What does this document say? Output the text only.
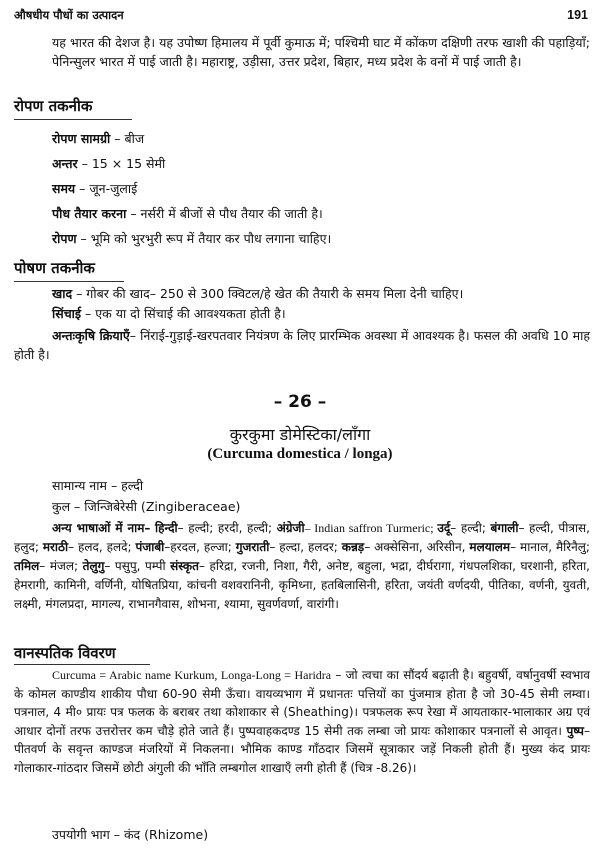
औषधीय पौधों का उत्पादन	191
यह भारत की देशज है। यह उपोष्ण हिमालय में पूर्वी कुमाऊ में; पश्चिमी घाट में कोंकण दक्षिणी तरफ खाशी की पहाड़ियाँ; पेनिन्सुलर भारत में पाई जाती है। महाराष्ट्र, उड़ीसा, उत्तर प्रदेश, बिहार, मध्य प्रदेश के वनों में पाई जाती है।
रोपण तकनीक
रोपण सामग्री – बीज
अन्तर – 15 × 15 सेमी
समय – जून-जुलाई
पौध तैयार करना – नर्सरी में बीजों से पौध तैयार की जाती है।
रोपण – भूमि को भुरभुरी रूप में तैयार कर पौध लगाना चाहिए।
पोषण तकनीक
खाद – गोबर की खाद– 250 से 300 क्विटल/हे खेत की तैयारी के समय मिला देनी चाहिए।
सिंचाई – एक या दो सिंचाई की आवश्यकता होती है।
अन्तःकृषि क्रियाएँ– निंराई-गुड़ाई-खरपतवार नियंत्रण के लिए प्रारम्भिक अवस्था में आवश्यक है। फसल की अवधि 10 माह होती है।
– 26 –
कुरकुमा डोमेस्टिका/लाँगा
(Curcuma domestica / longa)
सामान्य नाम – हल्दी
कुल – जिन्जिबेरेसी (Zingiberaceae)
अन्य भाषाओं में नाम– हिन्दी– हल्दी; हरदी, हल्दी; अंग्रेजी– Indian saffron Turmeric; उर्दू– हल्दी; बंगाली– हल्दी, पीत्रास, हलुद; मराठी– हलद, हलदे; पंजाबी–हरदल, हल्जा; गुजराती– हल्दा, हलदर; कन्नड़– अक्सेसिना, अरिसीन, मलयालम– मानाल, मैरिनैलु; तमिल– मंजल; तेलुगु– पसुपु, पम्पी संस्कृत– हरिद्रा, रजनी, निशा, गैरी, अनेष्ट, बहुला, भद्रा, दीर्घरागा, गंधपलशिका, घरशानी, हरिता, हेमरागी, कामिनी, वर्णिनी, योषितप्रिया, कांचनी वशवरानिनी, कृमिध्ना, हतबिलासिनी, हरिता, जयंती वर्णदयी, पीतिका, वर्णनी, युवती, लक्ष्मी, मंगलप्रदा, मागल्य, राभानगैवास, शोभना, श्यामा, सुवर्णवर्णा, वारांगी।
वानस्पतिक विवरण
Curcuma = Arabic name Kurkum, Longa-Long = Haridra – जो त्वचा का सौंदर्य बढ़ाती है। बहुवर्षी, वर्षानुवर्षी स्वभाव के कोमल काण्डीय शाकीय पौधा 60-90 सेमी ऊँचा। वायव्यभाग में प्रधानतः पत्तियों का पुंजमात्र होता है जो 30-45 सेमी लम्वा। पत्रनाल, 4 मी० प्रायः पत्र फलक के बराबर तथा कोशाकार से (Sheathing)। पत्रफलक रूप रेखा में आयताकार-भालाकार अग्र एवं आधार दोनों तरफ उत्तरोत्तर कम चौड़े होते जाते हैं। पुष्पवाहकदण्ड 15 सेमी तक लम्बा जो प्रायः कोशाकार पत्रनालों से आवृत। पुष्प– पीतवर्ण के सवृन्त काण्डज मंजरियों में निकलना। भौमिक काण्ड गाँठदार जिसमें सूत्राकार जड़ें निकली होती हैं। मुख्य कंद प्रायः गोलाकार-गांठदार जिसमें छोटी अंगुली की भाँति लम्बगोल शाखाएँ लगी होती हैं (चित्र -8.26)।
उपयोगी भाग – कंद (Rhizome)
